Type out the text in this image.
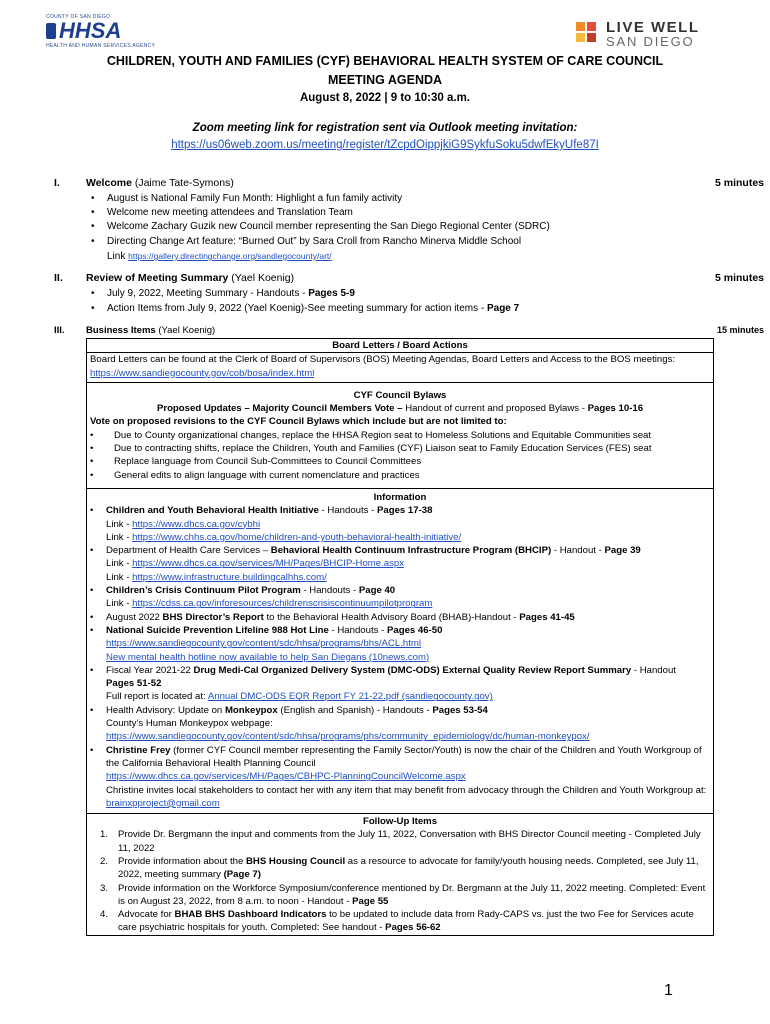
COUNTY OF SAN DIEGO
HHSA
HEALTH AND HUMAN SERVICES AGENCY
LIVE WELL
SAN DIEGO
CHILDREN, YOUTH AND FAMILIES (CYF) BEHAVIORAL HEALTH SYSTEM OF CARE COUNCIL
MEETING AGENDA
August 8, 2022 | 9 to 10:30 a.m.
Zoom meeting link for registration sent via Outlook meeting invitation:
https://us06web.zoom.us/meeting/register/tZcpdOippjkiG9SykfuSoku5dwfEkyUfe87I
I. Welcome (Jaime Tate-Symons)	5 minutes
• August is National Family Fun Month: Highlight a fun family activity
• Welcome new meeting attendees and Translation Team
• Welcome Zachary Guzik new Council member representing the San Diego Regional Center (SDRC)
• Directing Change Art feature: “Burned Out” by Sara Croll from Rancho Minerva Middle School
Link https://gallery.directingchange.org/sandiegocounty/art/
II. Review of Meeting Summary (Yael Koenig)	5 minutes
• July 9, 2022, Meeting Summary - Handouts - Pages 5-9
• Action Items from July 9, 2022 (Yael Koenig)-See meeting summary for action items - Page 7
III. Business Items (Yael Koenig)	15 minutes
Board Letters / Board Actions
Board Letters can be found at the Clerk of Board of Supervisors (BOS) Meeting Agendas, Board Letters and Access to the BOS meetings: https://www.sandiegocounty.gov/cob/bosa/index.html
CYF Council Bylaws
Proposed Updates – Majority Council Members Vote – Handout of current and proposed Bylaws - Pages 10-16
Vote on proposed revisions to the CYF Council Bylaws which include but are not limited to:
• Due to County organizational changes, replace the HHSA Region seat to Homeless Solutions and Equitable Communities seat
• Due to contracting shifts, replace the Children, Youth and Families (CYF) Liaison seat to Family Education Services (FES) seat
• Replace language from Council Sub-Committees to Council Committees
• General edits to align language with current nomenclature and practices
Information
• Children and Youth Behavioral Health Initiative - Handouts - Pages 17-38
Link - https://www.dhcs.ca.gov/cybhi
Link - https://www.chhs.ca.gov/home/children-and-youth-behavioral-health-initiative/
• Department of Health Care Services – Behavioral Health Continuum Infrastructure Program (BHCIP) - Handout - Page 39
Link - https://www.dhcs.ca.gov/services/MH/Pages/BHCIP-Home.aspx
Link - https://www.infrastructure.buildingcalhhs.com/
• Children’s Crisis Continuum Pilot Program - Handouts - Page 40
Link - https://cdss.ca.gov/inforesources/childrenscrisiscontinuumpilotprogram
• August 2022 BHS Director’s Report to the Behavioral Health Advisory Board (BHAB)-Handout - Pages 41-45
• National Suicide Prevention Lifeline 988 Hot Line - Handouts - Pages 46-50
https://www.sandiegocounty.gov/content/sdc/hhsa/programs/bhs/ACL.html
New mental health hotline now available to help San Diegans (10news.com)
• Fiscal Year 2021-22 Drug Medi-Cal Organized Delivery System (DMC-ODS) External Quality Review Report Summary - Handout
Pages 51-52
Full report is located at: Annual DMC-ODS EQR Report FY 21-22.pdf (sandiegocounty.gov)
• Health Advisory: Update on Monkeypox (English and Spanish) - Handouts - Pages 53-54
County’s Human Monkeypox webpage:
https://www.sandiegocounty.gov/content/sdc/hhsa/programs/phs/community_epidemiology/dc/human-monkeypox/
• Christine Frey (former CYF Council member representing the Family Sector/Youth) is now the chair of the Children and Youth Workgroup of the California Behavioral Health Planning Council
https://www.dhcs.ca.gov/services/MH/Pages/CBHPC-PlanningCouncilWelcome.aspx
Christine invites local stakeholders to contact her with any item that may benefit from advocacy through the Children and Youth Workgroup at: brainxpproject@gmail.com
Follow-Up Items
1. Provide Dr. Bergmann the input and comments from the July 11, 2022, Conversation with BHS Director Council meeting - Completed July 11, 2022
2. Provide information about the BHS Housing Council as a resource to advocate for family/youth housing needs. Completed, see July 11, 2022, meeting summary (Page 7)
3. Provide information on the Workforce Symposium/conference mentioned by Dr. Bergmann at the July 11, 2022 meeting. Completed: Event is on August 23, 2022, from 8 a.m. to noon - Handout - Page 55
4. Advocate for BHAB BHS Dashboard Indicators to be updated to include data from Rady-CAPS vs. just the two Fee for Services acute care psychiatric hospitals for youth. Completed: See handout - Pages 56-62
1
